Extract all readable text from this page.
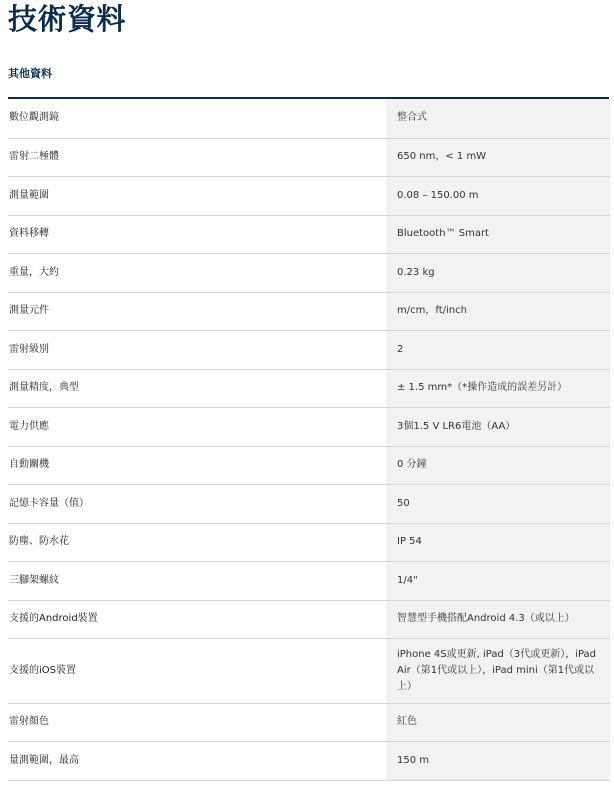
技術資料
其他資料
數位觀測鏡	整合式
雷射二極體	650 nm，< 1 mW
測量範圍	0.08 – 150.00 m
資料移轉	Bluetooth™ Smart
重量，大約	0.23 kg
測量元件	m/cm，ft/inch
雷射級別	2
測量精度，典型	± 1.5 mm*（*操作造成的誤差另計）
電力供應	3個1.5 V LR6電池（AA）
自動關機	0 分鐘
記憶卡容量（值）	50
防塵、防水花	IP 54
三腳架螺紋	1/4"
支援的Android裝置	智慧型手機搭配Android 4.3（或以上）
支援的iOS裝置	iPhone 4S或更新, iPad（3代或更新），iPad Air（第1代或以上），iPad mini（第1代或以上）
雷射顏色	紅色
量測範圍，最高	150 m
